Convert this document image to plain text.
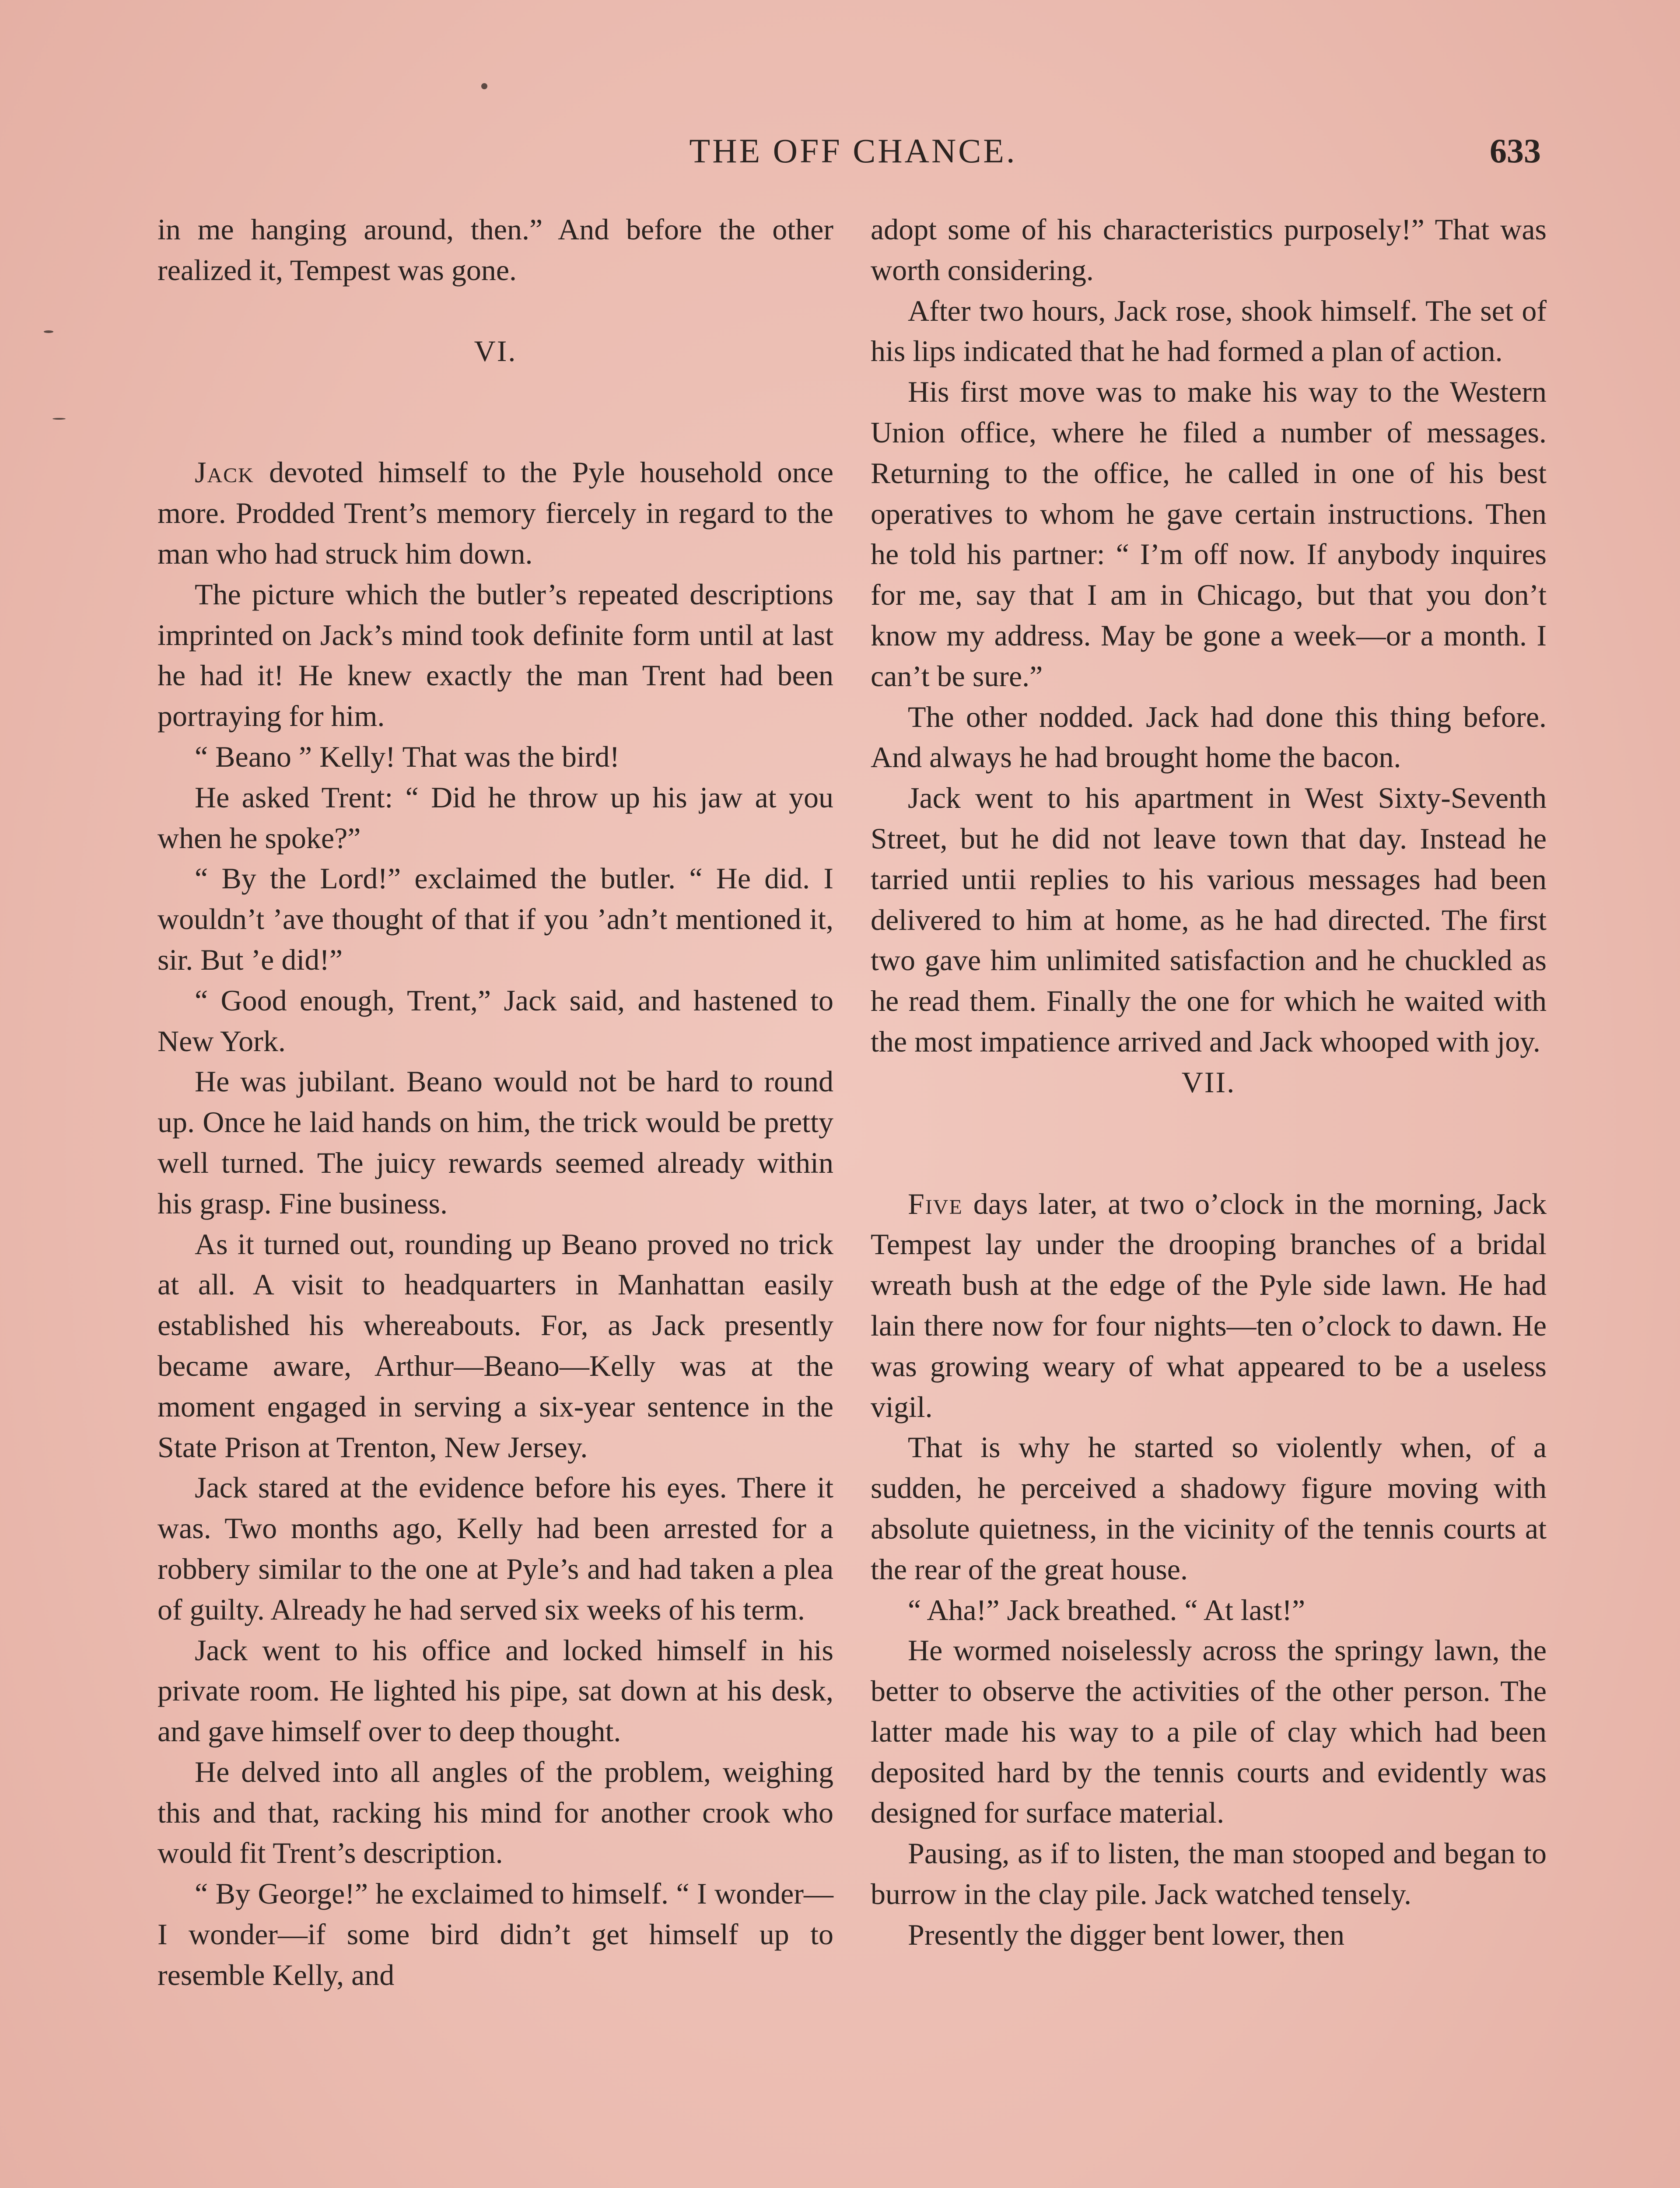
THE OFF CHANCE.	633

in me hanging around, then.” And before the other realized it, Tempest was gone.

VI.

Jack devoted himself to the Pyle household once more. Prodded Trent’s memory fiercely in regard to the man who had struck him down.

The picture which the butler’s repeated descriptions imprinted on Jack’s mind took definite form until at last he had it! He knew exactly the man Trent had been portraying for him.

“ Beano ” Kelly! That was the bird!

He asked Trent: “ Did he throw up his jaw at you when he spoke?”

“ By the Lord!” exclaimed the butler. “ He did. I wouldn’t ’ave thought of that if you ’adn’t mentioned it, sir. But ’e did!”

“ Good enough, Trent,” Jack said, and hastened to New York.

He was jubilant. Beano would not be hard to round up. Once he laid hands on him, the trick would be pretty well turned. The juicy rewards seemed already within his grasp. Fine business.

As it turned out, rounding up Beano proved no trick at all. A visit to headquarters in Manhattan easily established his whereabouts. For, as Jack presently became aware, Arthur—Beano—Kelly was at the moment engaged in serving a six-year sentence in the State Prison at Trenton, New Jersey.

Jack stared at the evidence before his eyes. There it was. Two months ago, Kelly had been arrested for a robbery similar to the one at Pyle’s and had taken a plea of guilty. Already he had served six weeks of his term.

Jack went to his office and locked himself in his private room. He lighted his pipe, sat down at his desk, and gave himself over to deep thought.

He delved into all angles of the problem, weighing this and that, racking his mind for another crook who would fit Trent’s description.

“ By George!” he exclaimed to himself. “ I wonder—I wonder—if some bird didn’t get himself up to resemble Kelly, and

adopt some of his characteristics purposely!” That was worth considering.

After two hours, Jack rose, shook himself. The set of his lips indicated that he had formed a plan of action.

His first move was to make his way to the Western Union office, where he filed a number of messages. Returning to the office, he called in one of his best operatives to whom he gave certain instructions. Then he told his partner: “ I’m off now. If anybody inquires for me, say that I am in Chicago, but that you don’t know my address. May be gone a week—or a month. I can’t be sure.”

The other nodded. Jack had done this thing before. And always he had brought home the bacon.

Jack went to his apartment in West Sixty-Seventh Street, but he did not leave town that day. Instead he tarried untii replies to his various messages had been delivered to him at home, as he had directed. The first two gave him unlimited satisfaction and he chuckled as he read them. Finally the one for which he waited with the most impatience arrived and Jack whooped with joy.

VII.

Five days later, at two o’clock in the morning, Jack Tempest lay under the drooping branches of a bridal wreath bush at the edge of the Pyle side lawn. He had lain there now for four nights—ten o’clock to dawn. He was growing weary of what appeared to be a useless vigil.

That is why he started so violently when, of a sudden, he perceived a shadowy figure moving with absolute quietness, in the vicinity of the tennis courts at the rear of the great house.

“ Aha!” Jack breathed. “ At last!”

He wormed noiselessly across the springy lawn, the better to observe the activities of the other person. The latter made his way to a pile of clay which had been deposited hard by the tennis courts and evidently was designed for surface material.

Pausing, as if to listen, the man stooped and began to burrow in the clay pile. Jack watched tensely.

Presently the digger bent lower, then
